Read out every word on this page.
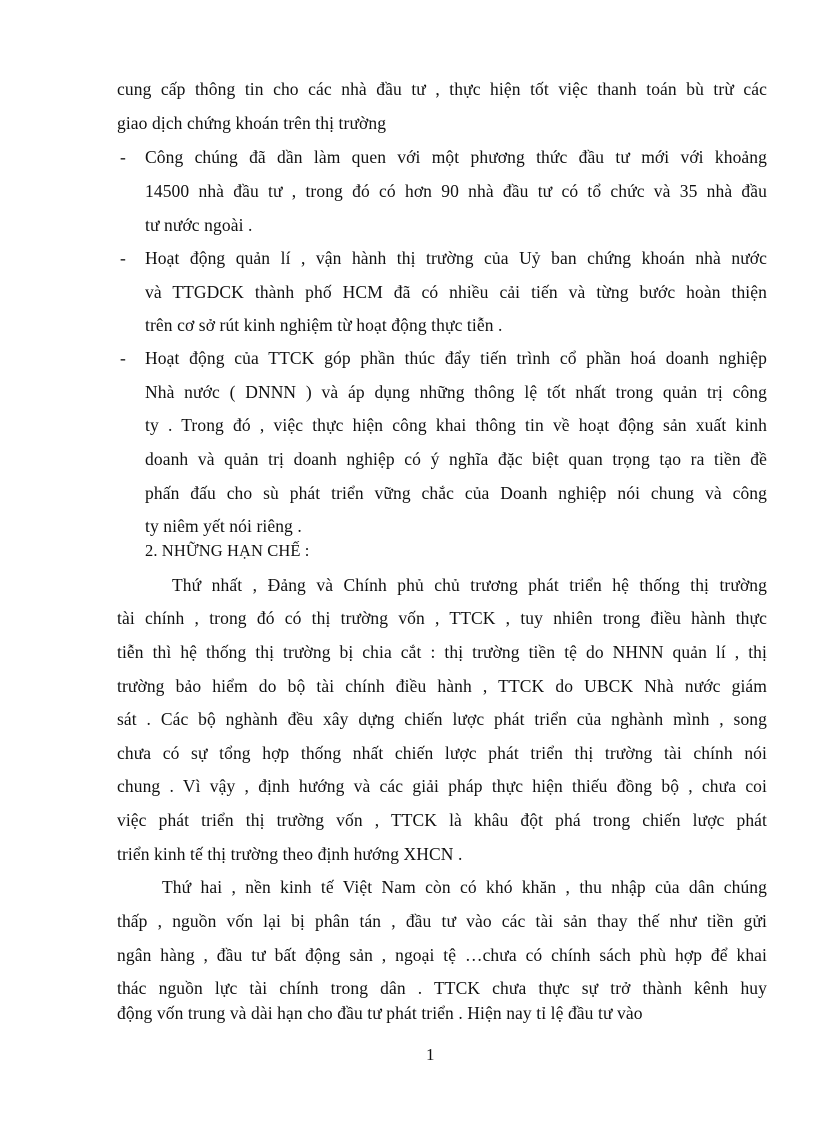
cung cấp thông tin cho các nhà đầu tư , thực hiện tốt việc thanh toán bù trừ các
giao dịch chứng khoán trên thị trường
- Công chúng đã dần làm quen với một phương thức đầu tư mới với khoảng
14500 nhà đầu tư , trong đó có hơn 90 nhà đầu tư có tổ chức và 35 nhà đầu
tư nước ngoài .
- Hoạt động quản lí , vận hành thị trường của Uỷ ban chứng khoán nhà nước
và TTGDCK thành phố HCM đã có nhiều cải tiến và từng bước hoàn thiện
trên cơ sở rút kinh nghiệm từ hoạt động thực tiễn .
- Hoạt động của TTCK góp phần thúc đẩy tiến trình cổ phần hoá doanh nghiệp
Nhà nước ( DNNN ) và áp dụng những thông lệ tốt nhất trong quản trị công
ty . Trong đó , việc thực hiện công khai thông tin về hoạt động sản xuất kinh
doanh và quản trị doanh nghiệp có ý nghĩa đặc biệt quan trọng tạo ra tiền đề
phấn đấu cho sù phát triển vững chắc của Doanh nghiệp nói chung và công
ty niêm yết nói riêng .
2. NHỮNG HẠN CHẾ :
Thứ nhất , Đảng và Chính phủ chủ trương phát triển hệ thống thị trường
tài chính , trong đó có thị trường vốn , TTCK , tuy nhiên trong điều hành thực
tiễn thì hệ thống thị trường bị chia cắt : thị trường tiền tệ do NHNN quản lí , thị
trường bảo hiểm do bộ tài chính điều hành , TTCK do UBCK Nhà nước giám
sát . Các bộ nghành đều xây dựng chiến lược phát triển của nghành mình , song
chưa có sự tổng hợp thống nhất chiến lược phát triển thị trường tài chính nói
chung . Vì vậy , định hướng và các giải pháp thực hiện thiếu đồng bộ , chưa coi
việc phát triển thị trường vốn , TTCK là khâu đột phá trong chiến lược phát
triển kinh tế thị trường theo định hướng XHCN .
Thứ hai , nền kinh tế Việt Nam còn có khó khăn , thu nhập của dân chúng
thấp , nguồn vốn lại bị phân tán , đầu tư vào các tài sản thay thế như tiền gửi
ngân hàng , đầu tư bất động sản , ngoại tệ …chưa có chính sách phù hợp để khai
thác nguồn lực tài chính trong dân . TTCK chưa thực sự trở thành kênh huy
động vốn trung và dài hạn cho đầu tư phát triển . Hiện nay tỉ lệ đầu tư vào
1
